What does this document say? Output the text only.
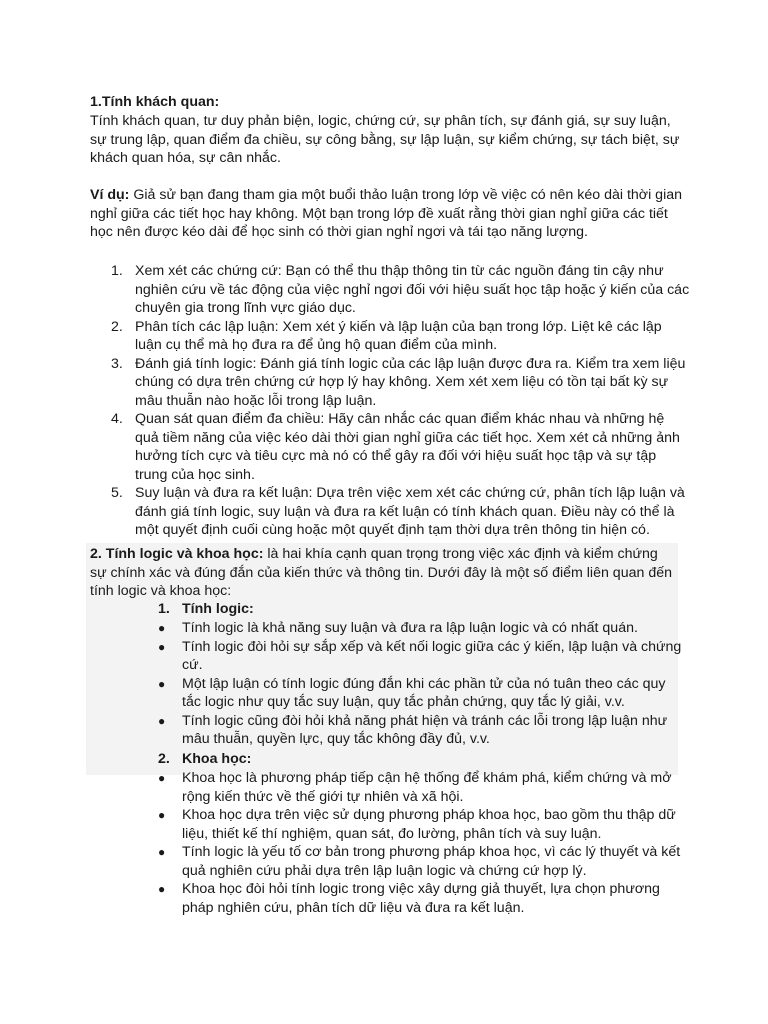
1.Tính khách quan:

Tính khách quan, tư duy phản biện, logic, chứng cứ, sự phân tích, sự đánh giá, sự suy luận, sự trung lập, quan điểm đa chiều, sự công bằng, sự lập luận, sự kiểm chứng, sự tách biệt, sự khách quan hóa, sự cân nhắc.

Ví dụ: Giả sử bạn đang tham gia một buổi thảo luận trong lớp về việc có nên kéo dài thời gian nghỉ giữa các tiết học hay không. Một bạn trong lớp đề xuất rằng thời gian nghỉ giữa các tiết học nên được kéo dài để học sinh có thời gian nghỉ ngơi và tái tạo năng lượng.

1. Xem xét các chứng cứ: Bạn có thể thu thập thông tin từ các nguồn đáng tin cậy như nghiên cứu về tác động của việc nghỉ ngơi đối với hiệu suất học tập hoặc ý kiến của các chuyên gia trong lĩnh vực giáo dục.
2. Phân tích các lập luận: Xem xét ý kiến và lập luận của bạn trong lớp. Liệt kê các lập luận cụ thể mà họ đưa ra để ủng hộ quan điểm của mình.
3. Đánh giá tính logic: Đánh giá tính logic của các lập luận được đưa ra. Kiểm tra xem liệu chúng có dựa trên chứng cứ hợp lý hay không. Xem xét xem liệu có tồn tại bất kỳ sự mâu thuẫn nào hoặc lỗi trong lập luận.
4. Quan sát quan điểm đa chiều: Hãy cân nhắc các quan điểm khác nhau và những hệ quả tiềm năng của việc kéo dài thời gian nghỉ giữa các tiết học. Xem xét cả những ảnh hưởng tích cực và tiêu cực mà nó có thể gây ra đối với hiệu suất học tập và sự tập trung của học sinh.
5. Suy luận và đưa ra kết luận: Dựa trên việc xem xét các chứng cứ, phân tích lập luận và đánh giá tính logic, suy luận và đưa ra kết luận có tính khách quan. Điều này có thể là một quyết định cuối cùng hoặc một quyết định tạm thời dựa trên thông tin hiện có.

2. Tính logic và khoa học: là hai khía cạnh quan trọng trong việc xác định và kiểm chứng sự chính xác và đúng đắn của kiến thức và thông tin. Dưới đây là một số điểm liên quan đến tính logic và khoa học:

1. Tính logic:

● Tính logic là khả năng suy luận và đưa ra lập luận logic và có nhất quán.
● Tính logic đòi hỏi sự sắp xếp và kết nối logic giữa các ý kiến, lập luận và chứng cứ.
● Một lập luận có tính logic đúng đắn khi các phần tử của nó tuân theo các quy tắc logic như quy tắc suy luận, quy tắc phản chứng, quy tắc lý giải, v.v.
● Tính logic cũng đòi hỏi khả năng phát hiện và tránh các lỗi trong lập luận như mâu thuẫn, quyền lực, quy tắc không đầy đủ, v.v.

2. Khoa học:

● Khoa học là phương pháp tiếp cận hệ thống để khám phá, kiểm chứng và mở rộng kiến thức về thế giới tự nhiên và xã hội.
● Khoa học dựa trên việc sử dụng phương pháp khoa học, bao gồm thu thập dữ liệu, thiết kế thí nghiệm, quan sát, đo lường, phân tích và suy luận.
● Tính logic là yếu tố cơ bản trong phương pháp khoa học, vì các lý thuyết và kết quả nghiên cứu phải dựa trên lập luận logic và chứng cứ hợp lý.
● Khoa học đòi hỏi tính logic trong việc xây dựng giả thuyết, lựa chọn phương pháp nghiên cứu, phân tích dữ liệu và đưa ra kết luận.
